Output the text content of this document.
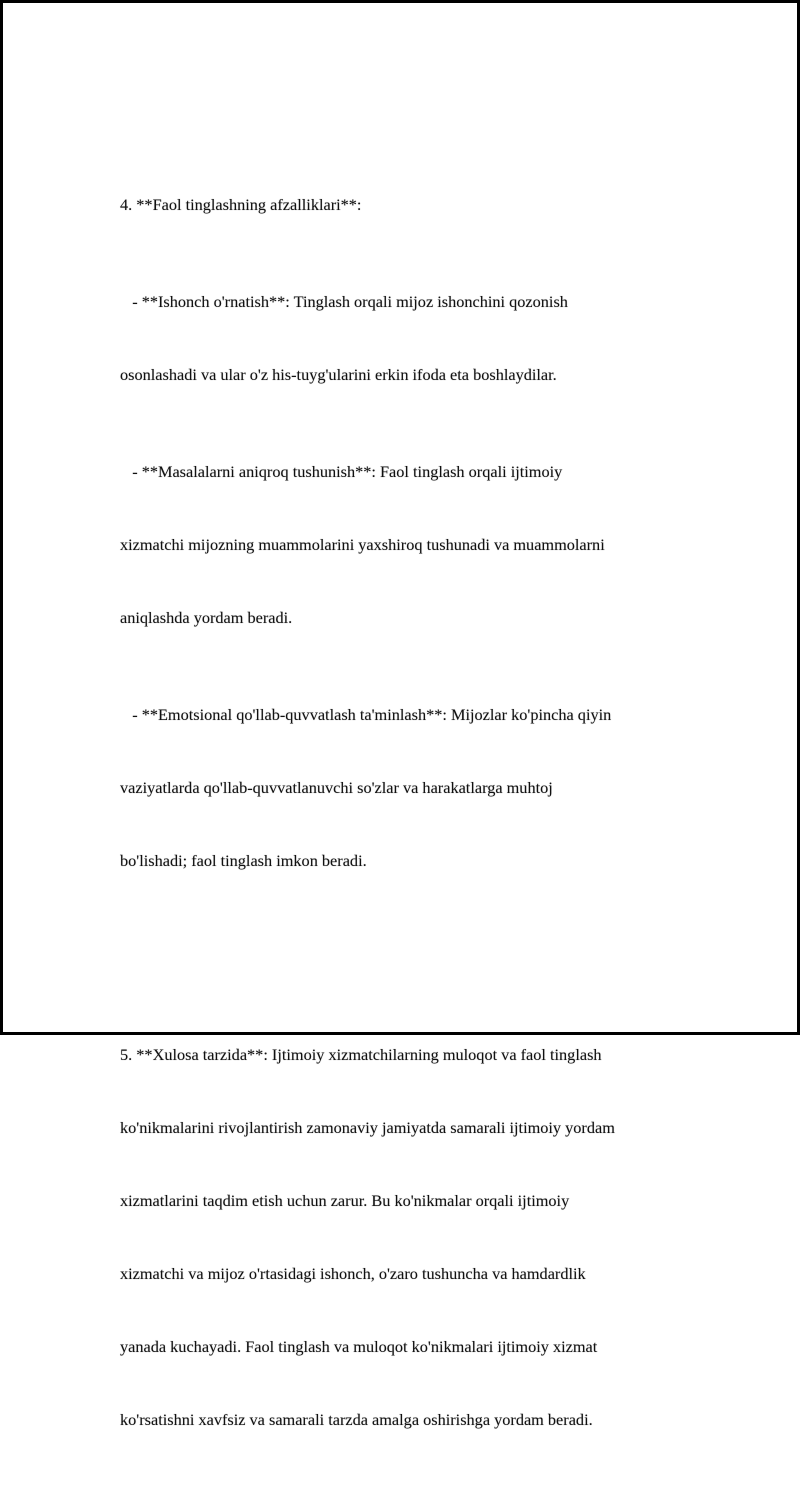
4. **Faol tinglashning afzalliklari**:

- **Ishonch o'rnatish**: Tinglash orqali mijoz ishonchini qozonish

osonlashadi va ular o'z his-tuyg'ularini erkin ifoda eta boshlaydilar.

- **Masalalarni aniqroq tushunish**: Faol tinglash orqali ijtimoiy

xizmatchi mijozning muammolarini yaxshiroq tushunadi va muammolarni

aniqlashda yordam beradi.

- **Emotsional qo'llab-quvvatlash ta'minlash**: Mijozlar ko'pincha qiyin

vaziyatlarda qo'llab-quvvatlanuvchi so'zlar va harakatlarga muhtoj

bo'lishadi; faol tinglash imkon beradi.

5. **Xulosa tarzida**: Ijtimoiy xizmatchilarning muloqot va faol tinglash

ko'nikmalarini rivojlantirish zamonaviy jamiyatda samarali ijtimoiy yordam

xizmatlarini taqdim etish uchun zarur. Bu ko'nikmalar orqali ijtimoiy

xizmatchi va mijoz o'rtasidagi ishonch, o'zaro tushuncha va hamdardlik

yanada kuchayadi. Faol tinglash va muloqot ko'nikmalari ijtimoiy xizmat

ko'rsatishni xavfsiz va samarali tarzda amalga oshirishga yordam beradi.
